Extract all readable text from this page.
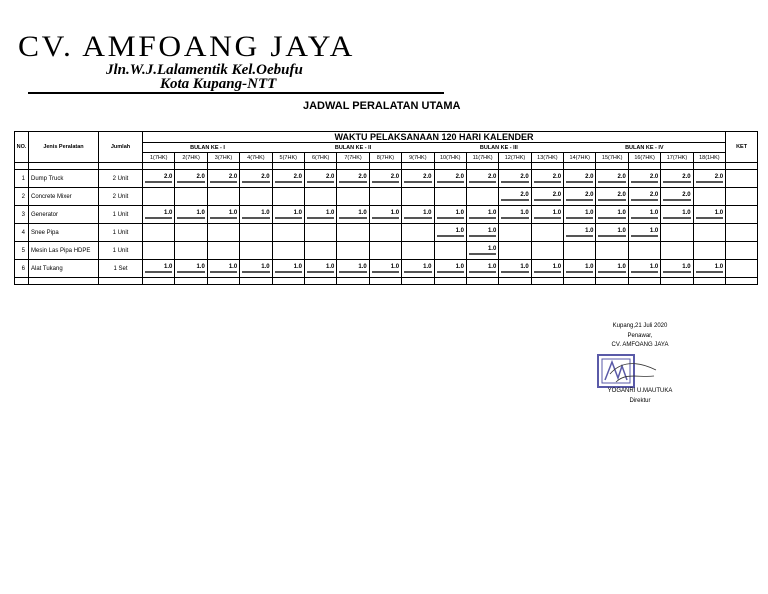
CV. AMFOANG JAYA
Jln.W.J.Lalamentik Kel.Oebufu
Kota Kupang-NTT
JADWAL PERALATAN UTAMA
NO.	Jenis Peralatan	Jumlah	WAKTU PELAKSANAAN 120 HARI KALENDER																		KET
			BULAN KE - I				BULAN KE - II					BULAN KE - III				BULAN KE - IV					
			1(7HK)	2(7HK)	3(7HK)	4(7HK)	5(7HK)	6(7HK)	7(7HK)	8(7HK)	9(7HK)	10(7HK)	11(7HK)	12(7HK)	13(7HK)	14(7HK)	15(7HK)	16(7HK)	17(7HK)	18(1HK)	

1	Dump Truck	2 Unit	2.0	2.0	2.0	2.0	2.0	2.0	2.0	2.0	2.0	2.0	2.0	2.0	2.0	2.0	2.0	2.0	2.0	2.0	

2	Concrete Mixer	2 Unit												2.0	2.0	2.0	2.0	2.0	2.0		

3	Generator	1 Unit	1.0	1.0	1.0	1.0	1.0	1.0	1.0	1.0	1.0	1.0	1.0	1.0	1.0	1.0	1.0	1.0	1.0	1.0	

4	Snee Pipa	1 Unit										1.0	1.0			1.0	1.0	1.0			

5	Mesin Las Pipa HDPE	1 Unit											1.0								

6	Alat Tukang	1 Set	1.0	1.0	1.0	1.0	1.0	1.0	1.0	1.0	1.0	1.0	1.0	1.0	1.0	1.0	1.0	1.0	1.0	1.0	

Kupang,21 Juli 2020
Penawar,
CV. AMFOANG JAYA
YOGANRI U.MAUTUKA
Direktur
